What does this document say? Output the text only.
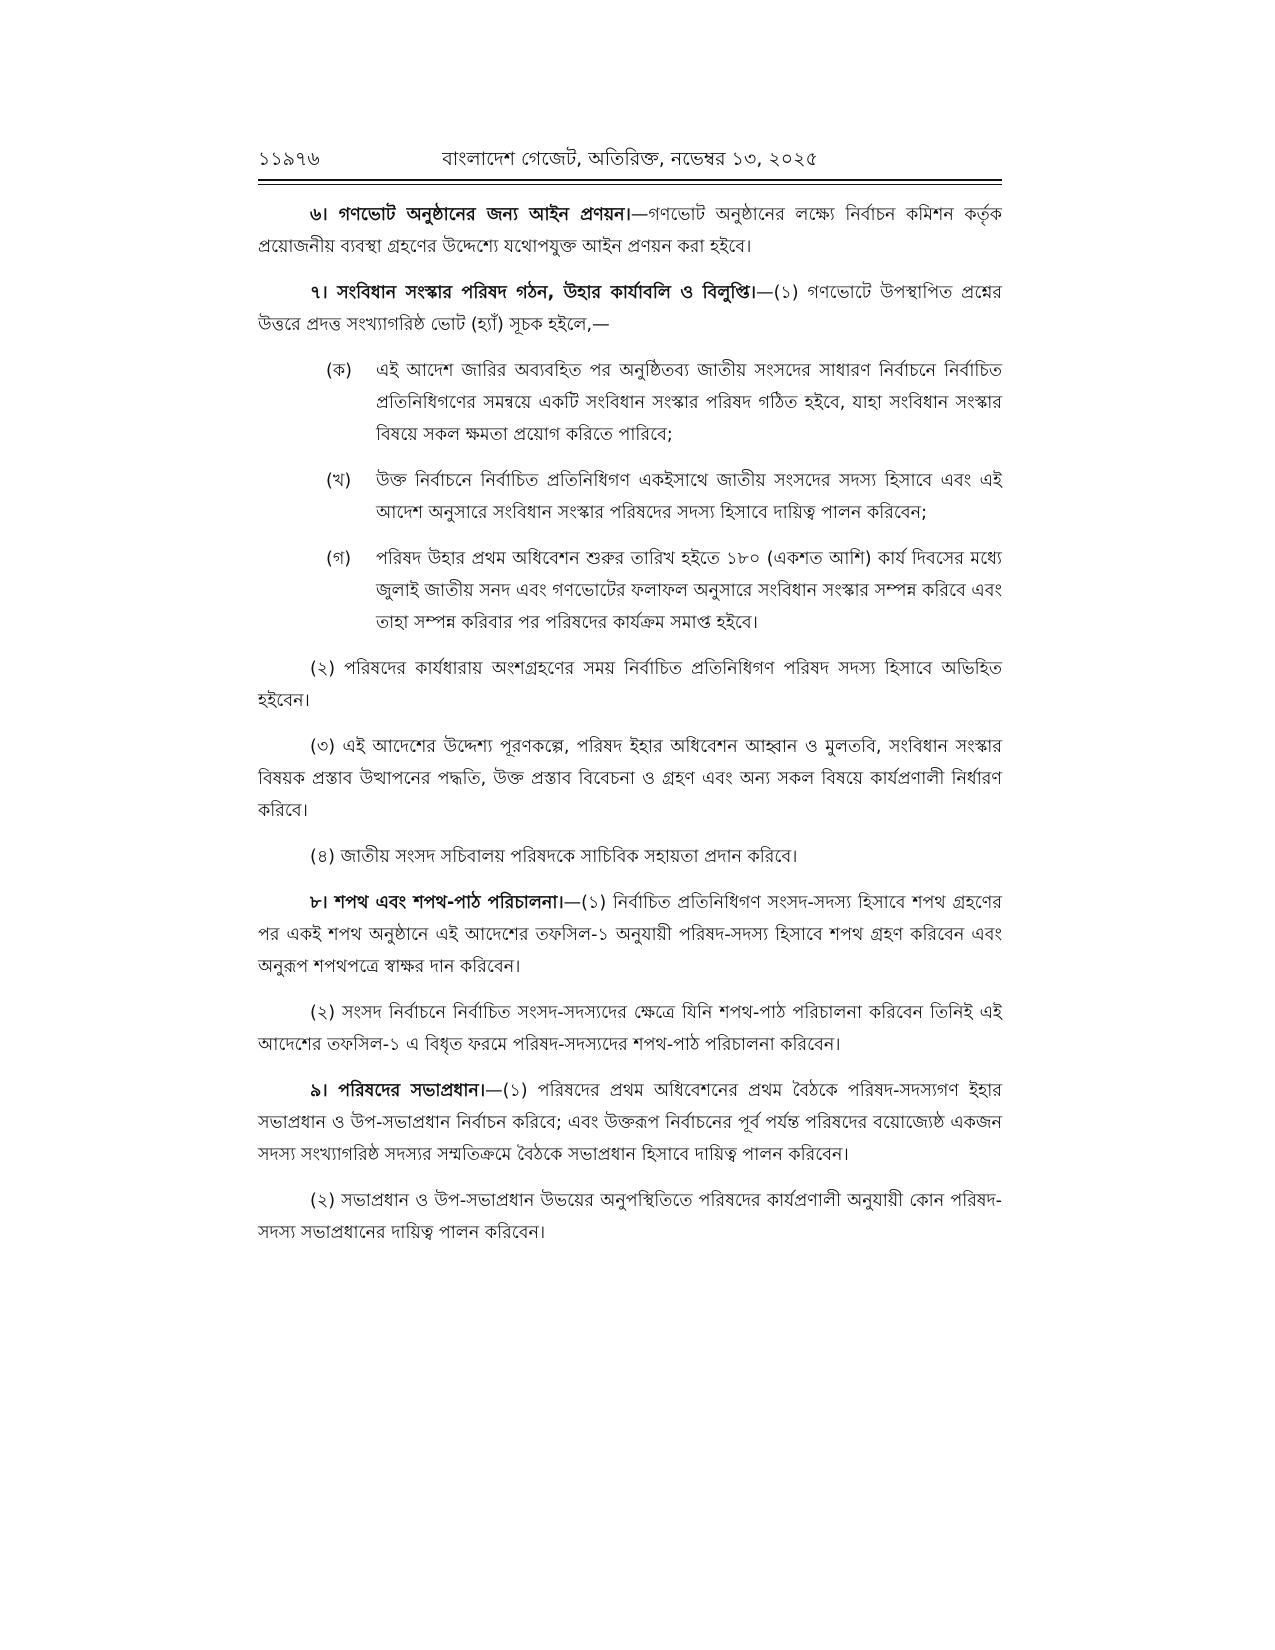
১১৯৭৬	বাংলাদেশ গেজেট, অতিরিক্ত, নভেম্বর ১৩, ২০২৫

৬। গণভোট অনুষ্ঠানের জন্য আইন প্রণয়ন।—গণভোট অনুষ্ঠানের লক্ষ্যে নির্বাচন কমিশন কর্তৃক প্রয়োজনীয় ব্যবস্থা গ্রহণের উদ্দেশ্যে যথোপযুক্ত আইন প্রণয়ন করা হইবে।

৭। সংবিধান সংস্কার পরিষদ গঠন, উহার কার্যাবলি ও বিলুপ্তি।—(১) গণভোটে উপস্থাপিত প্রশ্নের উত্তরে প্রদত্ত সংখ্যাগরিষ্ঠ ভোট (হ্যাঁ) সূচক হইলে,—

(ক)	এই আদেশ জারির অব্যবহিত পর অনুষ্ঠিতব্য জাতীয় সংসদের সাধারণ নির্বাচনে নির্বাচিত প্রতিনিধিগণের সমন্বয়ে একটি সংবিধান সংস্কার পরিষদ গঠিত হইবে, যাহা সংবিধান সংস্কার বিষয়ে সকল ক্ষমতা প্রয়োগ করিতে পারিবে;
(খ)	উক্ত নির্বাচনে নির্বাচিত প্রতিনিধিগণ একইসাথে জাতীয় সংসদের সদস্য হিসাবে এবং এই আদেশ অনুসারে সংবিধান সংস্কার পরিষদের সদস্য হিসাবে দায়িত্ব পালন করিবেন;
(গ)	পরিষদ উহার প্রথম অধিবেশন শুরুর তারিখ হইতে ১৮০ (একশত আশি) কার্য দিবসের মধ্যে জুলাই জাতীয় সনদ এবং গণভোটের ফলাফল অনুসারে সংবিধান সংস্কার সম্পন্ন করিবে এবং তাহা সম্পন্ন করিবার পর পরিষদের কার্যক্রম সমাপ্ত হইবে।

(২) পরিষদের কার্যধারায় অংশগ্রহণের সময় নির্বাচিত প্রতিনিধিগণ পরিষদ সদস্য হিসাবে অভিহিত হইবেন।

(৩) এই আদেশের উদ্দেশ্য পূরণকল্পে, পরিষদ ইহার অধিবেশন আহ্বান ও মুলতবি, সংবিধান সংস্কার বিষয়ক প্রস্তাব উত্থাপনের পদ্ধতি, উক্ত প্রস্তাব বিবেচনা ও গ্রহণ এবং অন্য সকল বিষয়ে কার্যপ্রণালী নির্ধারণ করিবে।

(৪) জাতীয় সংসদ সচিবালয় পরিষদকে সাচিবিক সহায়তা প্রদান করিবে।

৮। শপথ এবং শপথ-পাঠ পরিচালনা।—(১) নির্বাচিত প্রতিনিধিগণ সংসদ-সদস্য হিসাবে শপথ গ্রহণের পর একই শপথ অনুষ্ঠানে এই আদেশের তফসিল-১ অনুযায়ী পরিষদ-সদস্য হিসাবে শপথ গ্রহণ করিবেন এবং অনুরূপ শপথপত্রে স্বাক্ষর দান করিবেন।

(২) সংসদ নির্বাচনে নির্বাচিত সংসদ-সদস্যদের ক্ষেত্রে যিনি শপথ-পাঠ পরিচালনা করিবেন তিনিই এই আদেশের তফসিল-১ এ বিধৃত ফরমে পরিষদ-সদস্যদের শপথ-পাঠ পরিচালনা করিবেন।

৯। পরিষদের সভাপ্রধান।—(১) পরিষদের প্রথম অধিবেশনের প্রথম বৈঠকে পরিষদ-সদস্যগণ ইহার সভাপ্রধান ও উপ-সভাপ্রধান নির্বাচন করিবে; এবং উক্তরূপ নির্বাচনের পূর্ব পর্যন্ত পরিষদের বয়োজ্যেষ্ঠ একজন সদস্য সংখ্যাগরিষ্ঠ সদস্যর সম্মতিক্রমে বৈঠকে সভাপ্রধান হিসাবে দায়িত্ব পালন করিবেন।

(২) সভাপ্রধান ও উপ-সভাপ্রধান উভয়ের অনুপস্থিতিতে পরিষদের কার্যপ্রণালী অনুযায়ী কোন পরিষদ-সদস্য সভাপ্রধানের দায়িত্ব পালন করিবেন।
